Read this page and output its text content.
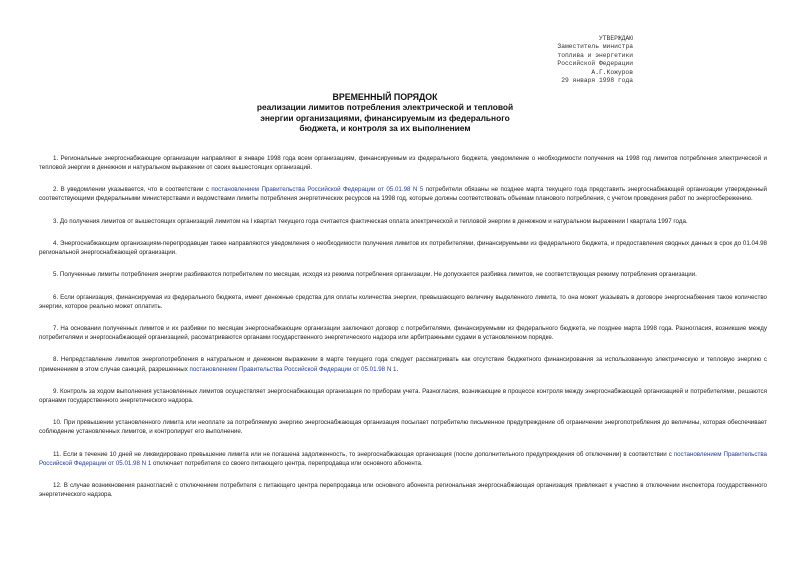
УТВЕРЖДАЮ
Заместитель министра
топлива и энергетики
Российской Федерации
А.Г.Кожуров
29 января 1998 года
ВРЕМЕННЫЙ ПОРЯДОК
реализации лимитов потребления электрической и тепловой
энергии организациями, финансируемым из федерального
бюджета, и контроля за их выполнением

1. Региональные энергоснабжающие организации направляют в январе 1998 года всем организациям, финансируемым из федерального бюджета, уведомление о необходимости получения на 1998 год лимитов потребления электрической и тепловой энергии в денежном и натуральном выражении от своих вышестоящих организаций.

2. В уведомлении указывается, что в соответствии с постановлением Правительства Российской Федерации от 05.01.98 N 5 потребители обязаны не позднее марта текущего года представить энергоснабжающей организации утвержденный соответствующими федеральными министерствами и ведомствами лимиты потребления энергетических ресурсов на 1998 год, которые должны соответствовать объемам планового потребления, с учетом проведения работ по энергосбережению.

3. До получения лимитов от вышестоящих организаций лимитом на I квартал текущего года считается фактическая оплата электрической и тепловой энергии в денежном и натуральном выражении I квартала 1997 года.

4. Энергоснабжающим организациям-перепродавцам также направляются уведомления о необходимости получения лимитов их потребителями, финансируемыми из федерального бюджета, и предоставления сводных данных в срок до 01.04.98 региональной энергоснабжающей организации.

5. Полученные лимиты потребления энергии разбиваются потребителем по месяцам, исходя из режима потребления организации. Не допускается разбивка лимитов, не соответствующая режиму потребления организации.

6. Если организация, финансируемая из федерального бюджета, имеет денежные средства для оплаты количества энергии, превышающего величину выделенного лимита, то она может указывать в договоре энергоснабжения такое количество энергии, которое реально может оплатить.

7. На основании полученных лимитов и их разбивки по месяцам энергоснабжающие организации заключают договор с потребителями, финансируемыми из федерального бюджета, не позднее марта 1998 года. Разногласия, возникшие между потребителями и энергоснабжающей организацией, рассматриваются органами государственного энергетического надзора или арбитражными судами в установленном порядке.

8. Непредставление лимитов энергопотребления в натуральном и денежном выражении в марте текущего года следует рассматривать как отсутствие бюджетного финансирования за использованную электрическую и тепловую энергию с применением в этом случае санкций, разрешенных постановлением Правительства Российской Федерации от 05.01.98 N 1.

9. Контроль за ходом выполнения установленных лимитов осуществляет энергоснабжающая организация по приборам учета. Разногласия, возникающие в процессе контроля между энергоснабжающей организацией и потребителями, решаются органами государственного энергетического надзора.

10. При превышении установленного лимита или неоплате за потребляемую энергию энергоснабжающая организация посылает потребителю письменное предупреждение об ограничении энергопотребления до величины, которая обеспечивает соблюдение установленных лимитов, и контролирует его выполнение.

11. Если в течение 10 дней не ликвидировано превышение лимита или не погашена задолженность, то энергоснабжающая организация (после дополнительного предупреждения об отключении) в соответствии с постановлением Правительства Российской Федерации от 05.01.98 N 1 отключает потребителя со своего питающего центра, перепродавца или основного абонента.

12. В случае возникновения разногласий с отключением потребителя с питающего центра перепродавца или основного абонента региональная энергоснабжающая организация привлекает к участию в отключении инспектора государственного энергетического надзора.
